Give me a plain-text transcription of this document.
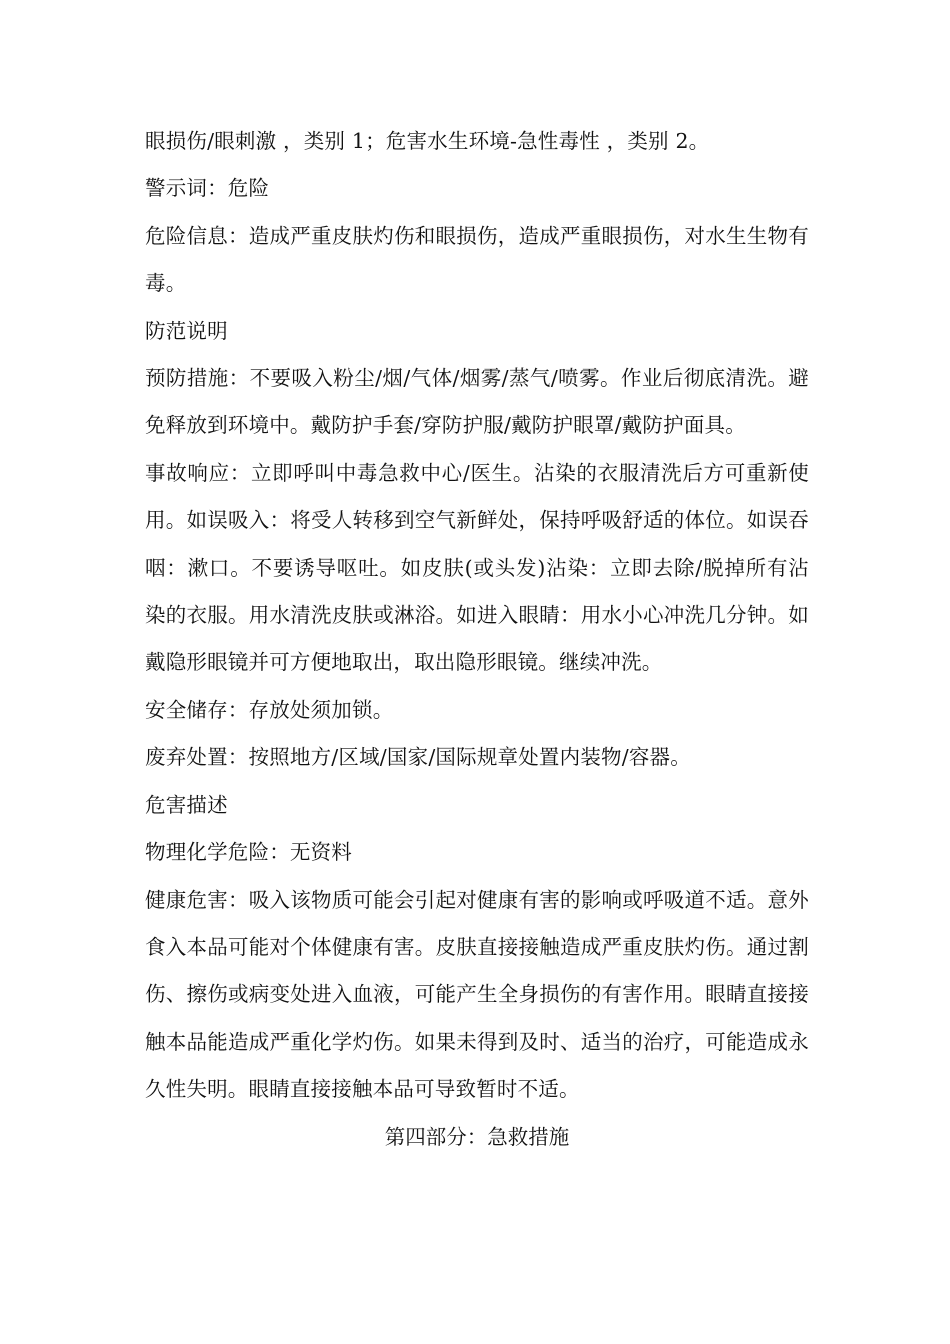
眼损伤/眼刺激 ，类别 1；危害水生环境-急性毒性 ，类别 2。

警示词：危险

危险信息：造成严重皮肤灼伤和眼损伤，造成严重眼损伤，对水生生物有毒。

防范说明

预防措施：不要吸入粉尘/烟/气体/烟雾/蒸气/喷雾。作业后彻底清洗。避免释放到环境中。戴防护手套/穿防护服/戴防护眼罩/戴防护面具。

事故响应：立即呼叫中毒急救中心/医生。沾染的衣服清洗后方可重新使用。如误吸入：将受人转移到空气新鲜处，保持呼吸舒适的体位。如误吞咽：漱口。不要诱导呕吐。如皮肤(或头发)沾染：立即去除/脱掉所有沾染的衣服。用水清洗皮肤或淋浴。如进入眼睛：用水小心冲洗几分钟。如戴隐形眼镜并可方便地取出，取出隐形眼镜。继续冲洗。

安全储存：存放处须加锁。

废弃处置：按照地方/区域/国家/国际规章处置内装物/容器。

危害描述

物理化学危险：无资料

健康危害：吸入该物质可能会引起对健康有害的影响或呼吸道不适。意外食入本品可能对个体健康有害。皮肤直接接触造成严重皮肤灼伤。通过割伤、擦伤或病变处进入血液，可能产生全身损伤的有害作用。眼睛直接接触本品能造成严重化学灼伤。如果未得到及时、适当的治疗，可能造成永久性失明。眼睛直接接触本品可导致暂时不适。

第四部分：急救措施
